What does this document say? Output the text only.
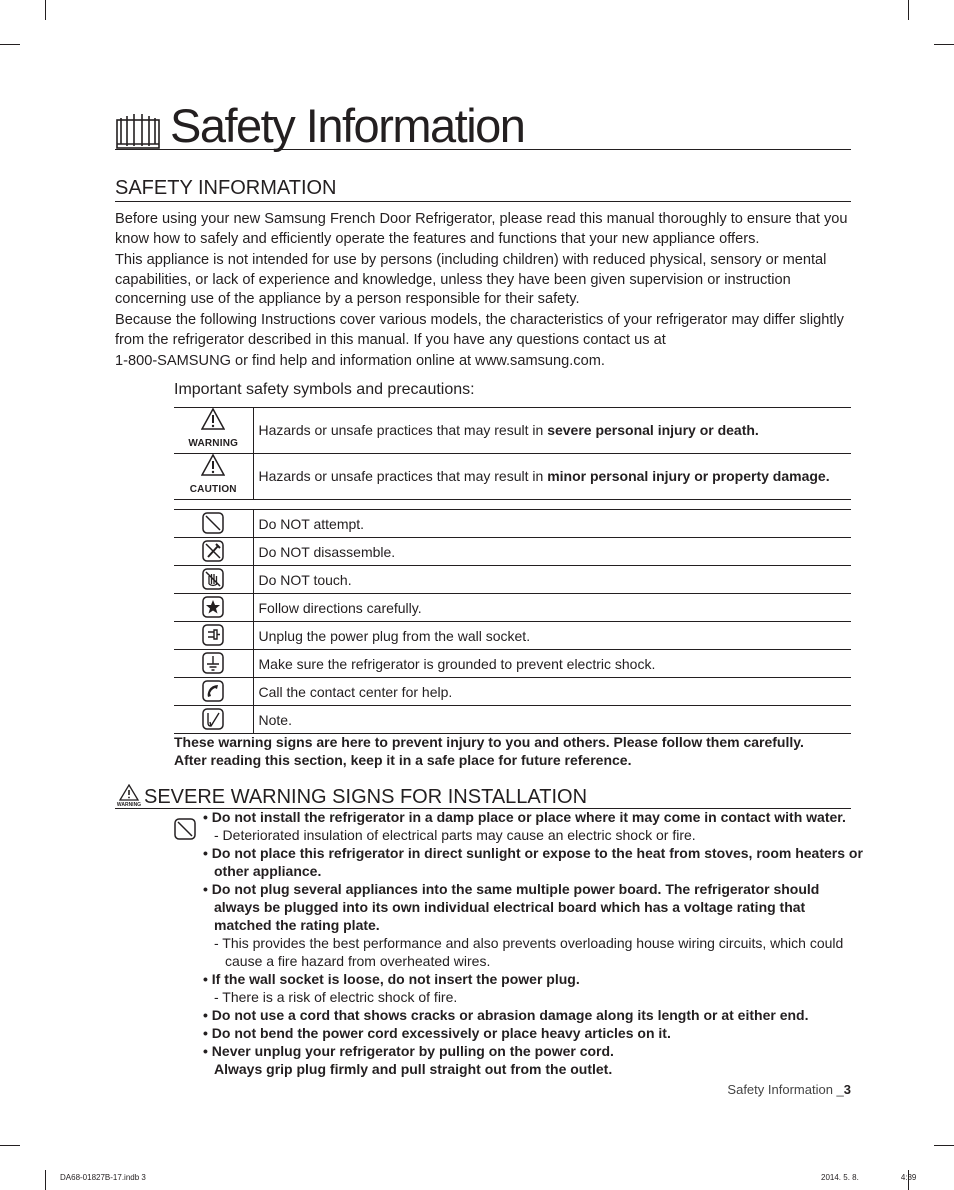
Safety Information
SAFETY INFORMATION
Before using your new Samsung French Door Refrigerator, please read this manual thoroughly to ensure that you know how to safely and efficiently operate the features and functions that your new appliance offers.
This appliance is not intended for use by persons (including children) with reduced physical, sensory or mental capabilities, or lack of experience and knowledge, unless they have been given supervision or instruction concerning use of the appliance by a person responsible for their safety.
Because the following Instructions cover various models, the characteristics of your refrigerator may differ slightly from the refrigerator described in this manual. If you have any questions contact us at
1-800-SAMSUNG or find help and information online at www.samsung.com.
Important safety symbols and precautions:
WARNING	Hazards or unsafe practices that may result in severe personal injury or death.

CAUTION	Hazards or unsafe practices that may result in minor personal injury or property damage.
	Do NOT attempt.
	Do NOT disassemble.
	Do NOT touch.
	Follow directions carefully.
	Unplug the power plug from the wall socket.
	Make sure the refrigerator is grounded to prevent electric shock.
	Call the contact center for help.
	Note.
These warning signs are here to prevent injury to you and others. Please follow them carefully.
After reading this section, keep it in a safe place for future reference.
WARNING SEVERE WARNING SIGNS FOR INSTALLATION
• Do not install the refrigerator in a damp place or place where it may come in contact with water.
- Deteriorated insulation of electrical parts may cause an electric shock or fire.
• Do not place this refrigerator in direct sunlight or expose to the heat from stoves, room heaters or other appliance.
• Do not plug several appliances into the same multiple power board. The refrigerator should always be plugged into its own individual electrical board which has a voltage rating that matched the rating plate.
- This provides the best performance and also prevents overloading house wiring circuits, which could cause a fire hazard from overheated wires.
• If the wall socket is loose, do not insert the power plug.
- There is a risk of electric shock of fire.
• Do not use a cord that shows cracks or abrasion damage along its length or at either end.
• Do not bend the power cord excessively or place heavy articles on it.
• Never unplug your refrigerator by pulling on the power cord.
Always grip plug firmly and pull straight out from the outlet.
Safety Information _3
DA68-01827B-17.indb 3	2014. 5. 8.	4:39
